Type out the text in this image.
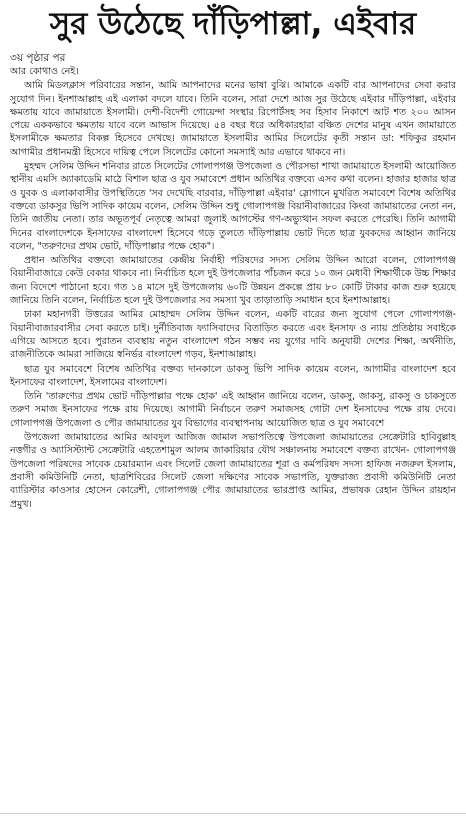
সুর উঠেছে দাঁড়িপাল্লা, এইবার
৩য় পৃষ্ঠার পর

আর কোথাও নেই।

আমি মিডলক্লাস পরিবারের সন্তান, আমি আপনাদের মনের ভাষা বুঝি। আমাকে একটি বার আপনাদের সেবা করার সুযোগ দিন। ইনশাআল্লাহ এই এলাকা বদলে যাবে। তিনি বলেন, সারা দেশে আজ সুর উঠেছে এইবার দাঁড়িপাল্লা, এইবার ক্ষমতায় যাবে জামায়াতে ইসলামী। দেশী-বিদেশী গোয়েন্দা সংস্থার রিপোর্টসহ সব হিসাব নিকাশে আট শত ২০০ আসন পেয়ে এককভাবে ক্ষমতায় যাবে বলে আভাস দিয়েছে। ৫৪ বছর ধরে অধিকারহারা বঞ্চিত দেশের মানুষ এখন জামায়াতে ইসলামীকে ক্ষমতার বিকল্প হিসেবে দেখছে। জামায়াতে ইসলামীর আমির সিলেটের কৃতী সন্তান ডা: শফিকুর রহমান আগামীর প্রধানমন্ত্রী হিসেবে দায়িত্ব পেলে সিলেটের কোনো সমস্যাই আর এভাবে থাকবে না।

মুহম্মদ সেলিম উদ্দিন শনিবার রাতে সিলেটের গোলাপগঞ্জ উপজেলা ও পৌরসভা শাখা জামায়াতে ইসলামী আয়োজিত স্থানীয় এমসি অ্যাকাডেমি মাঠে বিশাল ছাত্র ও যুব সমাবেশে প্রধান অতিথির বক্তব্যে এসব কথা বলেন। হাজার হাজার ছাত্র ও যুবক ও এলাকাবাসীর উপস্থিতিতে 'সব দেখেছি বারবার, দাঁড়িপাল্লা এইবার' স্লোগানে মুখরিত সমাবেশে বিশেষ অতিথির বক্তব্যে ডাকসুর ভিপি সাদিক কায়েম বলেন, সেলিম উদ্দিন শুধু গোলাপগঞ্জ বিয়ানীবাজারের কিংবা জামায়াতের নেতা নন, তিনি জাতীয় নেতা। তার অভূতপূর্ব নেতৃত্বে আমরা জুলাই আগস্টের গণ-অভ্যুত্থান সফল করতে পেরেছি। তিনি আগামী দিনের বাংলাদেশকে ইনসাফের বাংলাদেশ হিসেবে গড়ে তুলতে দাঁড়িপাল্লায় ভোট দিতে ছাত্র যুবকদের আহ্বান জানিয়ে বলেন, "তরুণদের প্রথম ভোট, দাঁড়িপাল্লার পক্ষে হোক"।

প্রধান অতিথির বক্তব্যে জামায়াতের কেন্দ্রীয় নির্বাহী পরিষদের সদস্য সেলিম উদ্দিন আরো বলেন, গোলাপগঞ্জ বিয়ানীবাজারে কেউ বেকার থাকবে না। নির্বাচিত হলে দুই উপজেলার পাঁচজন করে ১০ জন মেধাবী শিক্ষার্থীকে উচ্চ শিক্ষার জন্য বিদেশে পাঠানো হবে। গত ১৪ মাসে দুই উপজেলায় ৬০টি উন্নয়ন প্রকল্পে প্রায় ৮০ কোটি টাকার কাজ শুরু হয়েছে জানিয়ে তিনি বলেন, নির্বাচিত হলে দুই উপজেলার সব সমস্যা খুব তাড়াতাড়ি সমাধান হবে ইনশাআল্লাহ।

ঢাকা মহানগরী উত্তরের আমির মোহাম্মদ সেলিম উদ্দিন বলেন, একটি বারের জন্য সুযোগ পেলে গোলাপগঞ্জ-বিয়ানীবাজারবাসীর সেবা করতে চাই। দুর্নীতিবাজ ফ্যাসিবাদের বিতাড়িত করতে এবং ইনসাফ ও ন্যায় প্রতিষ্ঠায় সবাইকে এগিয়ে আসতে হবে। পুরাতন ব্যবস্থায় নতুন বাংলাদেশ গঠন সম্ভব নয় যুগের দাবি অনুযায়ী দেশের শিক্ষা, অর্থনীতি, রাজনীতিকে আমরা সাজিয়ে স্বনির্ভর বাংলাদেশ গড়ব, ইনশাআল্লাহ।

ছাত্র যুব সমাবেশে বিশেষ অতিথির বক্তব্য দানকালে ডাকসু ভিপি সাদিক কায়েম বলেন, আগামীর বাংলাদেশ হবে ইনসাফের বাংলাদেশ, ইসলামের বাংলাদেশ।

তিনি 'তারুণ্যের প্রথম ভোট দাঁড়িপাল্লার পক্ষে হোক' এই আহ্বান জানিয়ে বলেন, ডাকসু, জাকসু, রাকসু ও চাকসুতে তরুণ সমাজ ইনসাফের পক্ষে রায় দিয়েছে। আগামী নির্বাচনে তরুণ সমাজসহ গোটা দেশ ইনসাফের পক্ষে রায় দেবে। গোলাপগঞ্জ উপজেলা ও পৌর জামায়াতের যুব বিভাগের ব্যবস্থাপনায় আয়োজিত ছাত্র ও যুব সমাবেশে

উপজেলা জামায়াতের আমির আবদুল আজিজ জামাল সভাপতিত্বে উপজেলা জামায়াতের সেক্রেটারি হাবিবুল্লাহ নত্তগীর ও অ্যাসিস্ট্যান্ট সেক্রেটারি এহতেশামুল আলম জাকারিয়ার যৌথ সঞ্চালনায় সমাবেশে বক্তব্য রাখেন- গোলাপগঞ্জ উপজেলা পরিষদের সাবেক চেয়ারম্যান এবং সিলেট জেলা জামায়াতের শূরা ও কর্মপরিষদ সদস্য হাফিজ নজরুল ইসলাম, প্রবাসী কমিউনিটি নেতা, ছাত্রশিবিরের সিলেট জেলা দক্ষিণের সাবেক সভাপতি, যুক্তরাজ্য প্রবাসী কমিউনিটি নেতা ব্যারিস্টার কাওসার হোসেন কোরেশী, গোলাপগঞ্জ পৌর জামায়াতের ভারপ্রাপ্ত আমির, প্রভাষক রেহান উদ্দিন রায়হান প্রমুখ।
